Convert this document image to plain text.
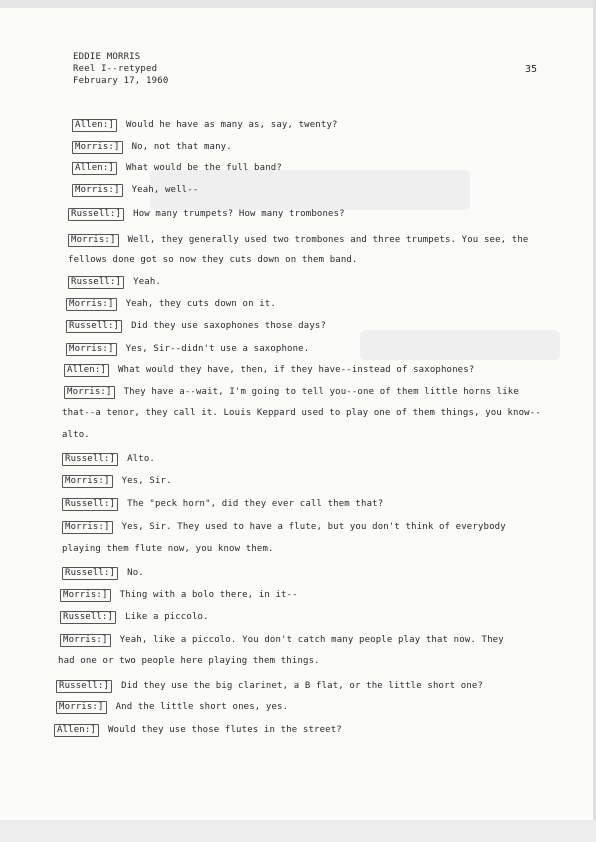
EDDIE MORRIS
Reel I--retyped
February 17, 1960
35
Allen:] Would he have as many as, say, twenty?
Morris:] No, not that many.
Allen:] What would be the full band?
Morris:] Yeah, well--
Russell:] How many trumpets? How many trombones?
Morris:] Well, they generally used two trombones and three trumpets. You see, the
fellows done got so now they cuts down on them band.
Russell:] Yeah.
Morris:] Yeah, they cuts down on it.
Russell:] Did they use saxophones those days?
Morris:] Yes, Sir--didn't use a saxophone.
Allen:] What would they have, then, if they have--instead of saxophones?
Morris:] They have a--wait, I'm going to tell you--one of them little horns like
that--a tenor, they call it. Louis Keppard used to play one of them things, you know--
alto.
Russell:] Alto.
Morris:] Yes, Sir.
Russell:] The "peck horn", did they ever call them that?
Morris:] Yes, Sir. They used to have a flute, but you don't think of everybody
playing them flute now, you know them.
Russell:] No.
Morris:] Thing with a bolo there, in it--
Russell:] Like a piccolo.
Morris:] Yeah, like a piccolo. You don't catch many people play that now. They
had one or two people here playing them things.
Russell:] Did they use the big clarinet, a B flat, or the little short one?
Morris:] And the little short ones, yes.
Allen:] Would they use those flutes in the street?
